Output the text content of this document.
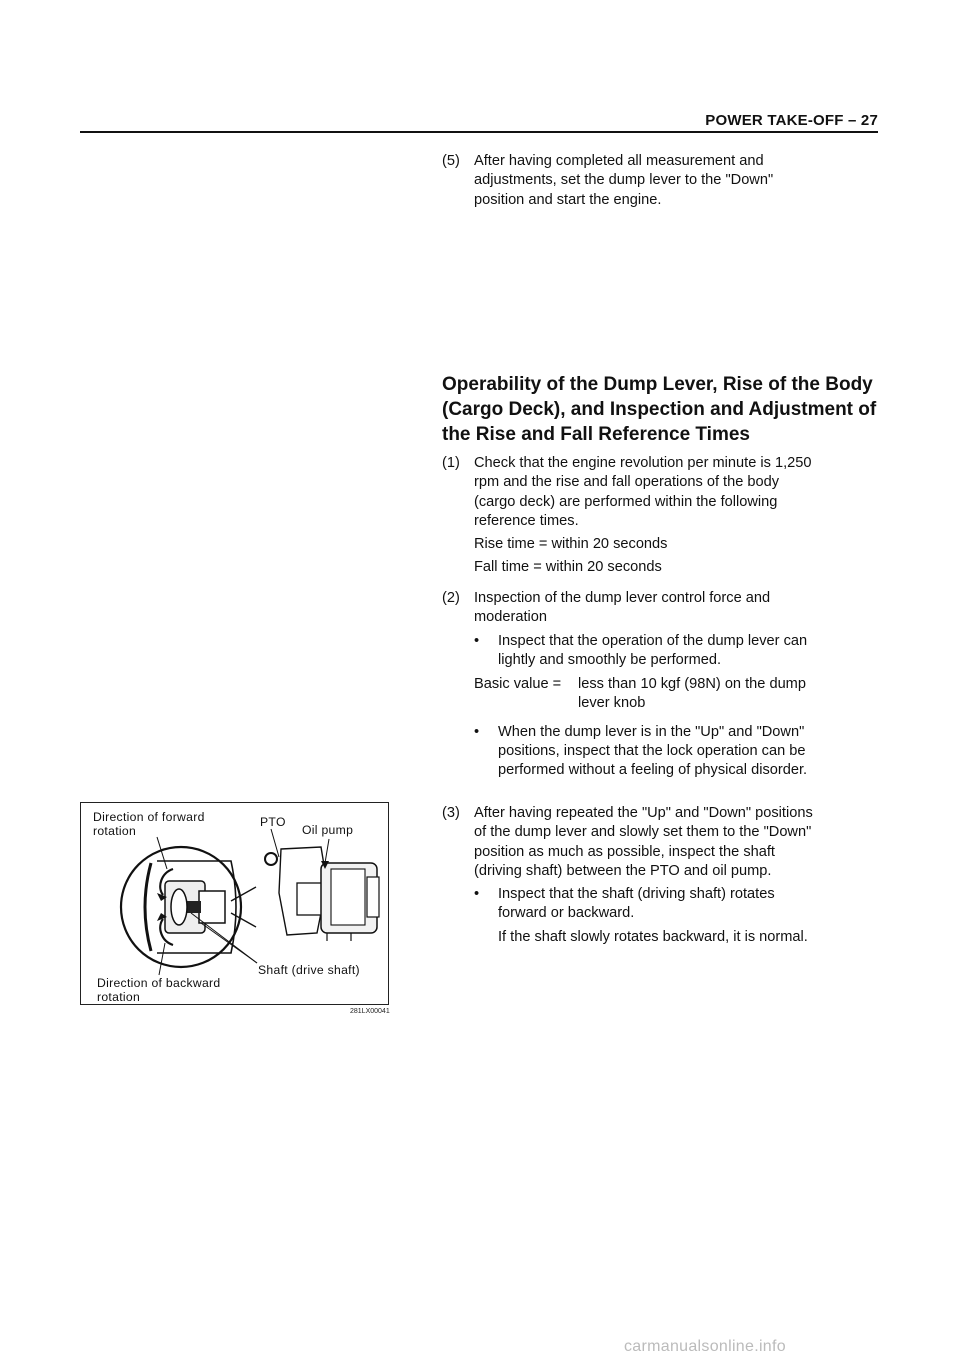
POWER TAKE-OFF – 27
(5) After having completed all measurement and
adjustments, set the dump lever to the "Down"
position and start the engine.
Operability of the Dump Lever, Rise of the Body
(Cargo Deck), and Inspection and Adjustment of
the Rise and Fall Reference Times
(1) Check that the engine revolution per minute is 1,250
rpm and the rise and fall operations of the body
(cargo deck) are performed within the following
reference times.
Rise time = within 20 seconds
Fall time = within 20 seconds
(2) Inspection of the dump lever control force and
moderation
• Inspect that the operation of the dump lever can
lightly and smoothly be performed.
Basic value = less than 10 kgf (98N) on the dump
lever knob
• When the dump lever is in the "Up" and "Down"
positions, inspect that the lock operation can be
performed without a feeling of physical disorder.
(3) After having repeated the "Up" and "Down" positions
of the dump lever and slowly set them to the "Down"
position as much as possible, inspect the shaft
(driving shaft) between the PTO and oil pump.
• Inspect that the shaft (driving shaft) rotates
forward or backward.
If the shaft slowly rotates backward, it is normal.
Direction of forward
rotation
PTO
Oil pump
Shaft (drive shaft)
Direction of backward
rotation
281LX00041
carmanualsonline.info
